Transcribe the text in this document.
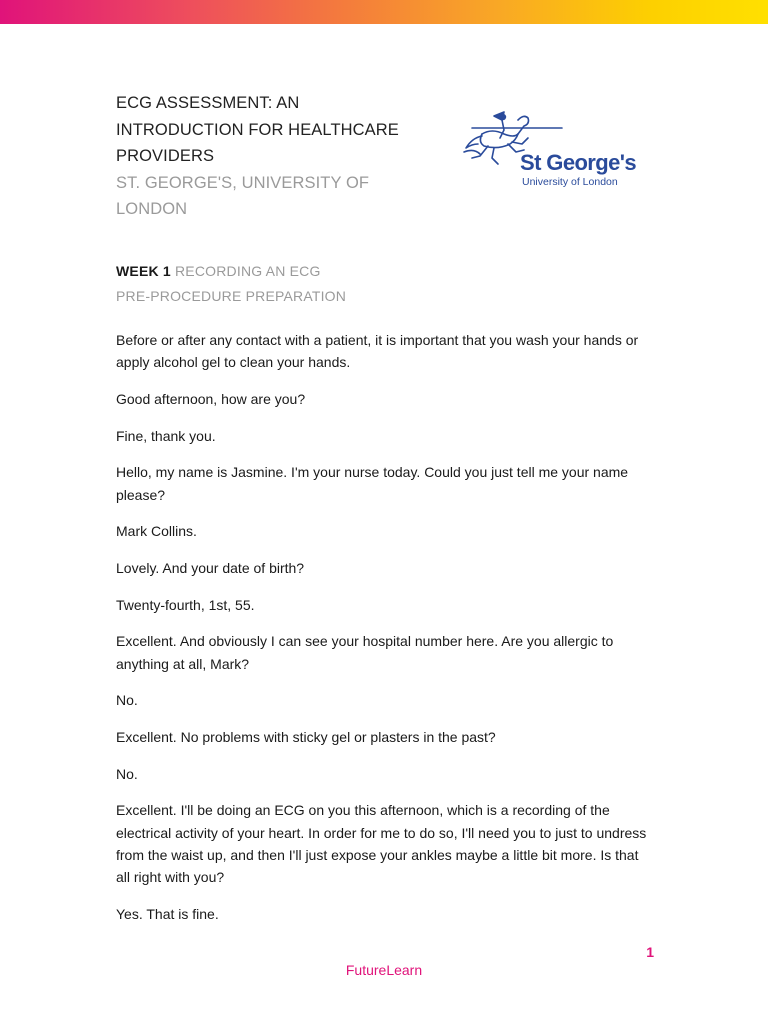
ECG ASSESSMENT: AN
INTRODUCTION FOR HEALTHCARE
PROVIDERS
ST. GEORGE'S, UNIVERSITY OF
LONDON
St George's
University of London
WEEK 1 RECORDING AN ECG
PRE-PROCEDURE PREPARATION

Before or after any contact with a patient, it is important that you wash your hands or apply alcohol gel to clean your hands.

Good afternoon, how are you?

Fine, thank you.

Hello, my name is Jasmine. I'm your nurse today. Could you just tell me your name please?

Mark Collins.

Lovely. And your date of birth?

Twenty-fourth, 1st, 55.

Excellent. And obviously I can see your hospital number here. Are you allergic to anything at all, Mark?

No.

Excellent. No problems with sticky gel or plasters in the past?

No.

Excellent. I'll be doing an ECG on you this afternoon, which is a recording of the electrical activity of your heart. In order for me to do so, I'll need you to just to undress from the waist up, and then I'll just expose your ankles maybe a little bit more. Is that all right with you?

Yes. That is fine.

1
FutureLearn
